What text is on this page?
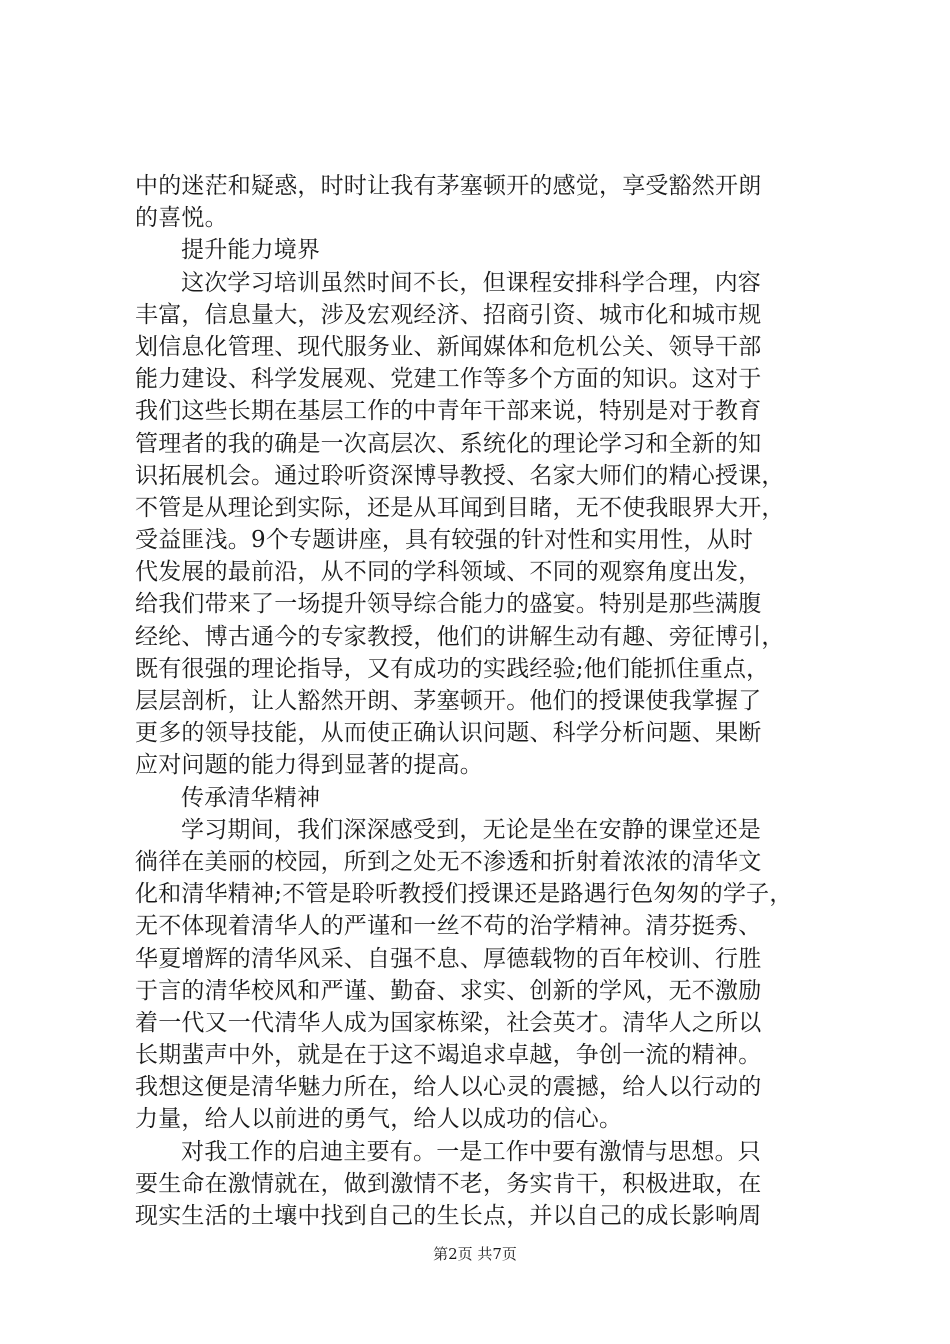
中的迷茫和疑惑，时时让我有茅塞顿开的感觉，享受豁然开朗
的喜悦。
提升能力境界
这次学习培训虽然时间不长，但课程安排科学合理，内容
丰富，信息量大，涉及宏观经济、招商引资、城市化和城市规
划信息化管理、现代服务业、新闻媒体和危机公关、领导干部
能力建设、科学发展观、党建工作等多个方面的知识。这对于
我们这些长期在基层工作的中青年干部来说，特别是对于教育
管理者的我的确是一次高层次、系统化的理论学习和全新的知
识拓展机会。通过聆听资深博导教授、名家大师们的精心授课，
不管是从理论到实际，还是从耳闻到目睹，无不使我眼界大开，
受益匪浅。9个专题讲座，具有较强的针对性和实用性，从时
代发展的最前沿，从不同的学科领域、不同的观察角度出发，
给我们带来了一场提升领导综合能力的盛宴。特别是那些满腹
经纶、博古通今的专家教授，他们的讲解生动有趣、旁征博引，
既有很强的理论指导，又有成功的实践经验;他们能抓住重点，
层层剖析，让人豁然开朗、茅塞顿开。他们的授课使我掌握了
更多的领导技能，从而使正确认识问题、科学分析问题、果断
应对问题的能力得到显著的提高。
传承清华精神
学习期间，我们深深感受到，无论是坐在安静的课堂还是
徜徉在美丽的校园，所到之处无不渗透和折射着浓浓的清华文
化和清华精神;不管是聆听教授们授课还是路遇行色匆匆的学子，
无不体现着清华人的严谨和一丝不苟的治学精神。清芬挺秀、
华夏增辉的清华风采、自强不息、厚德载物的百年校训、行胜
于言的清华校风和严谨、勤奋、求实、创新的学风，无不激励
着一代又一代清华人成为国家栋梁，社会英才。清华人之所以
长期蜚声中外，就是在于这不竭追求卓越，争创一流的精神。
我想这便是清华魅力所在，给人以心灵的震撼，给人以行动的
力量，给人以前进的勇气，给人以成功的信心。
对我工作的启迪主要有。一是工作中要有激情与思想。只
要生命在激情就在，做到激情不老，务实肯干，积极进取，在
现实生活的土壤中找到自己的生长点，并以自己的成长影响周
第2页 共7页
